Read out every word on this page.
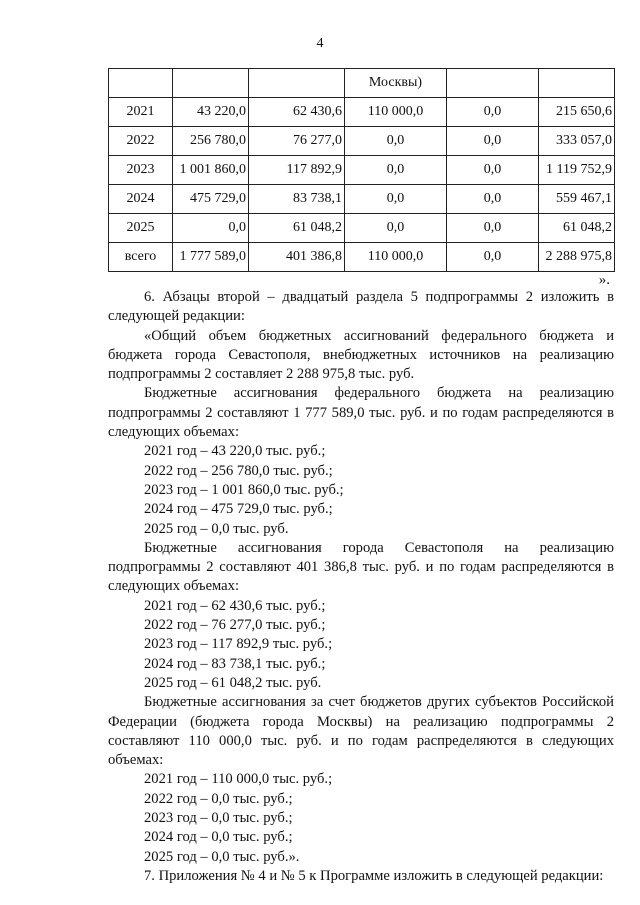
4
			Москвы)		
2021	43 220,0	62 430,6	110 000,0	0,0	215 650,6
2022	256 780,0	76 277,0	0,0	0,0	333 057,0
2023	1 001 860,0	117 892,9	0,0	0,0	1 119 752,9
2024	475 729,0	83 738,1	0,0	0,0	559 467,1
2025	0,0	61 048,2	0,0	0,0	61 048,2
всего	1 777 589,0	401 386,8	110 000,0	0,0	2 288 975,8
».

6. Абзацы второй – двадцатый раздела 5 подпрограммы 2 изложить в следующей редакции:

«Общий объем бюджетных ассигнований федерального бюджета и бюджета города Севастополя, внебюджетных источников на реализацию подпрограммы 2 составляет 2 288 975,8 тыс. руб.

Бюджетные ассигнования федерального бюджета на реализацию подпрограммы 2 составляют 1 777 589,0 тыс. руб. и по годам распределяются в следующих объемах:

2021 год – 43 220,0 тыс. руб.;

2022 год – 256 780,0 тыс. руб.;

2023 год – 1 001 860,0 тыс. руб.;

2024 год – 475 729,0 тыс. руб.;

2025 год – 0,0 тыс. руб.

Бюджетные ассигнования города Севастополя на реализацию подпрограммы 2 составляют 401 386,8 тыс. руб. и по годам распределяются в следующих объемах:

2021 год – 62 430,6 тыс. руб.;

2022 год – 76 277,0 тыс. руб.;

2023 год – 117 892,9 тыс. руб.;

2024 год – 83 738,1 тыс. руб.;

2025 год – 61 048,2 тыс. руб.

Бюджетные ассигнования за счет бюджетов других субъектов Российской Федерации (бюджета города Москвы) на реализацию подпрограммы 2 составляют 110 000,0 тыс. руб. и по годам распределяются в следующих объемах:

2021 год – 110 000,0 тыс. руб.;

2022 год – 0,0 тыс. руб.;

2023 год – 0,0 тыс. руб.;

2024 год – 0,0 тыс. руб.;

2025 год – 0,0 тыс. руб.».

7. Приложения № 4 и № 5 к Программе изложить в следующей редакции:
